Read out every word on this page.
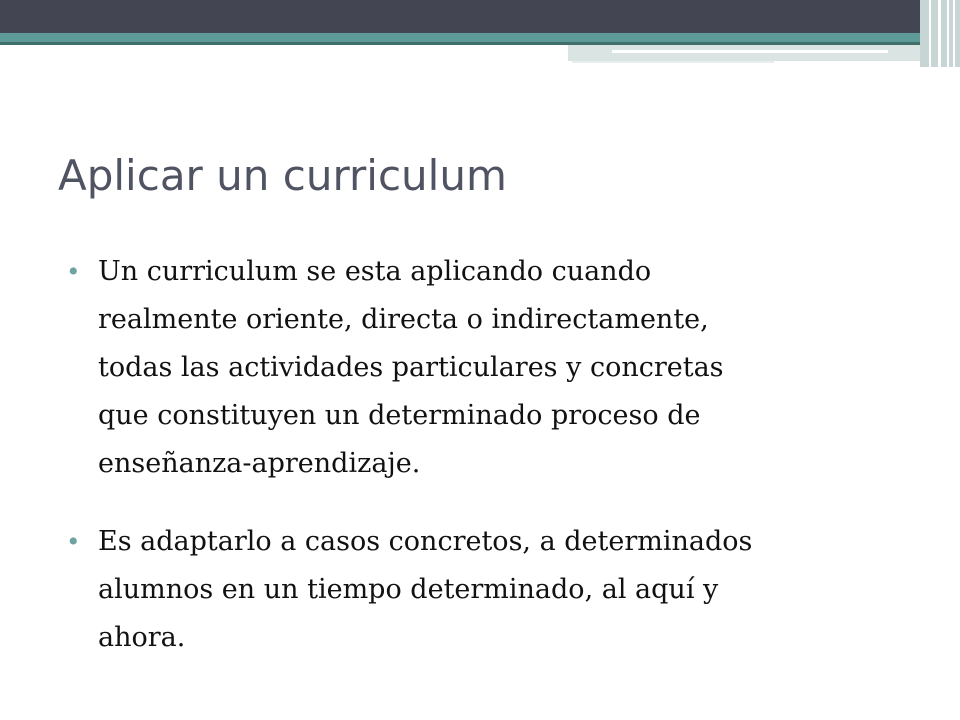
Aplicar un curriculum
• Un curriculum se esta aplicando cuando
realmente oriente, directa o indirectamente,
todas las actividades particulares y concretas
que constituyen un determinado proceso de
enseñanza-aprendizaje.
• Es adaptarlo a casos concretos, a determinados
alumnos en un tiempo determinado, al aquí y
ahora.
